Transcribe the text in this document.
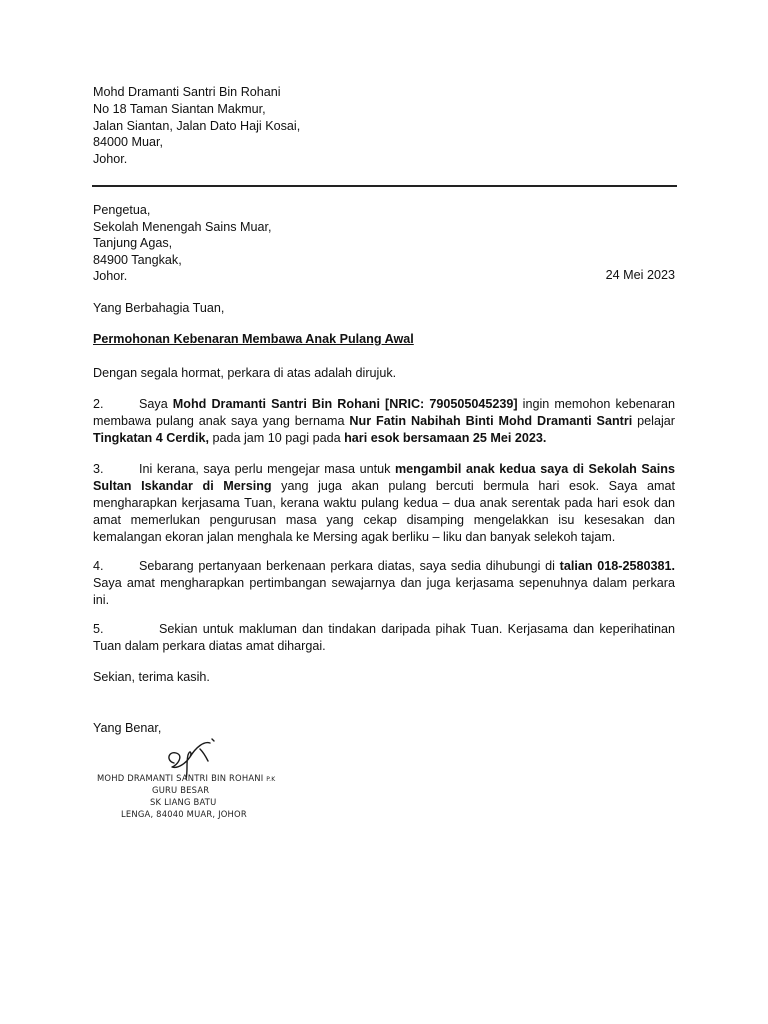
Mohd Dramanti Santri Bin Rohani
No 18 Taman Siantan Makmur,
Jalan Siantan, Jalan Dato Haji Kosai,
84000 Muar,
Johor.
Pengetua,
Sekolah Menengah Sains Muar,
Tanjung Agas,
84900 Tangkak,
Johor.	24 Mei 2023
Yang Berbahagia Tuan,
Permohonan Kebenaran Membawa Anak Pulang Awal
Dengan segala hormat, perkara di atas adalah dirujuk.
2.	Saya Mohd Dramanti Santri Bin Rohani [NRIC: 790505045239] ingin memohon kebenaran membawa pulang anak saya yang bernama Nur Fatin Nabihah Binti Mohd Dramanti Santri pelajar Tingkatan 4 Cerdik, pada jam 10 pagi pada hari esok bersamaan 25 Mei 2023.
3.	Ini kerana, saya perlu mengejar masa untuk mengambil anak kedua saya di Sekolah Sains Sultan Iskandar di Mersing yang juga akan pulang bercuti bermula hari esok. Saya amat mengharapkan kerjasama Tuan, kerana waktu pulang kedua – dua anak serentak pada hari esok dan amat memerlukan pengurusan masa yang cekap disamping mengelakkan isu kesesakan dan kemalangan ekoran jalan menghala ke Mersing agak berliku – liku dan banyak selekoh tajam.
4.	Sebarang pertanyaan berkenaan perkara diatas, saya sedia dihubungi di talian 018-2580381. Saya amat mengharapkan pertimbangan sewajarnya dan juga kerjasama sepenuhnya dalam perkara ini.
5.	Sekian untuk makluman dan tindakan daripada pihak Tuan. Kerjasama dan keperihatinan Tuan dalam perkara diatas amat dihargai.
Sekian, terima kasih.
Yang Benar,
MOHD DRAMANTI SANTRI BIN ROHANI P.K
GURU BESAR
SK LIANG BATU
LENGA, 84040 MUAR, JOHOR
